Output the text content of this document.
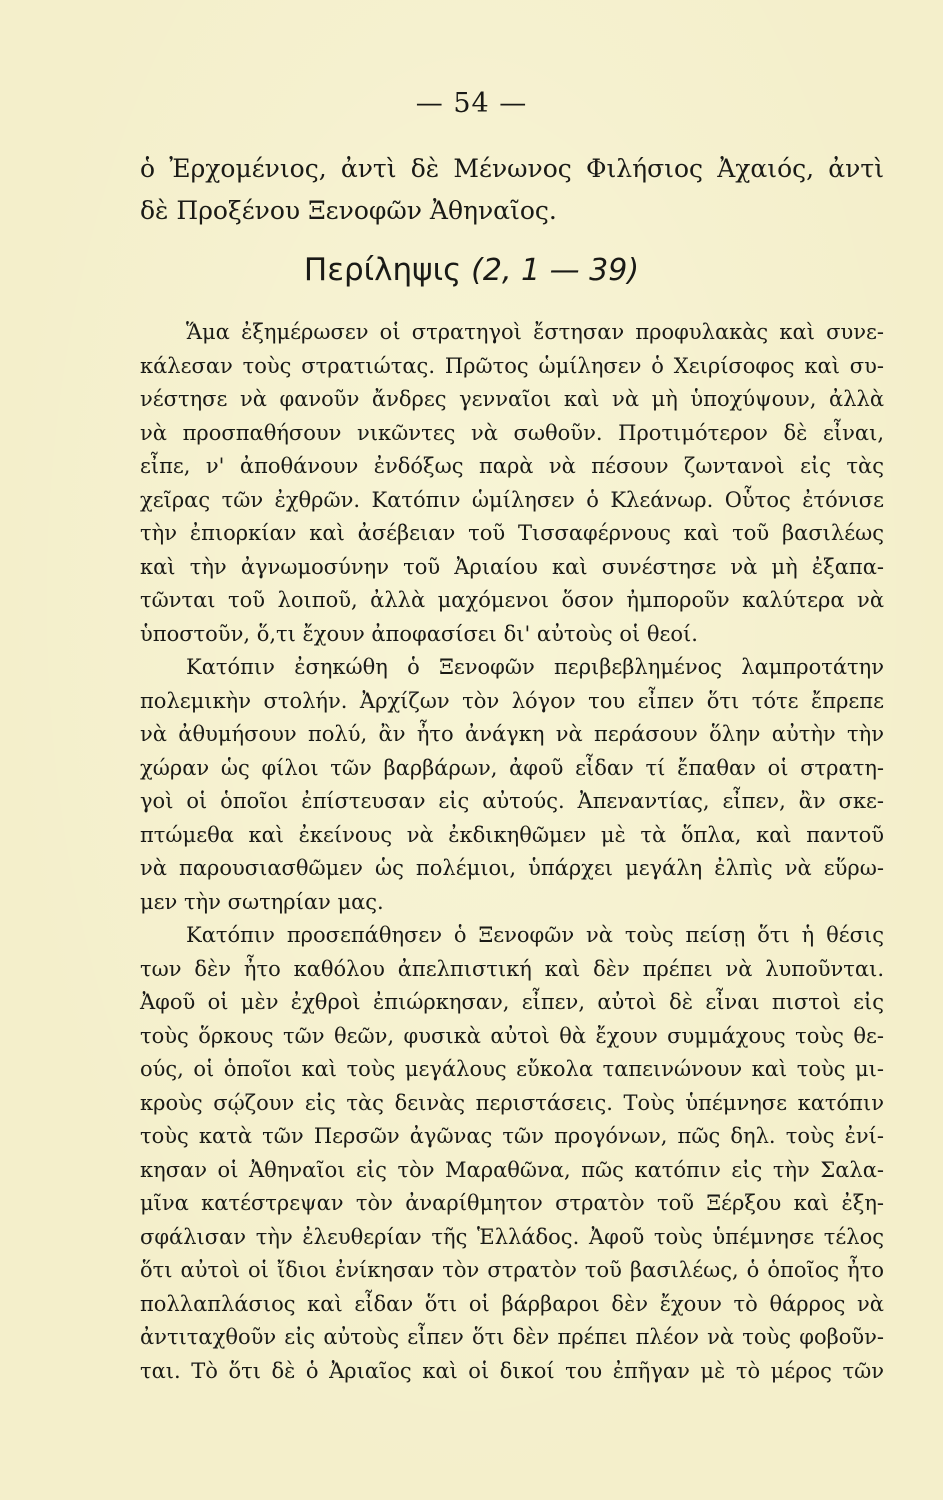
— 54 —
ὁ Ἐρχομένιος, ἀντὶ δὲ Μένωνος Φιλήσιος Ἀχαιός, ἀντὶ
δὲ Προξένου Ξενοφῶν Ἀθηναῖος.
Περίληψις (2, 1 — 39)
Ἅμα ἐξημέρωσεν οἱ στρατηγοὶ ἔστησαν προφυλακὰς καὶ συνε-
κάλεσαν τοὺς στρατιώτας. Πρῶτος ὡμίλησεν ὁ Χειρίσοφος καὶ συ-
νέστησε νὰ φανοῦν ἄνδρες γενναῖοι καὶ νὰ μὴ ὑποχύψουν, ἀλλὰ
νὰ προσπαθήσουν νικῶντες νὰ σωθοῦν. Προτιμότερον δὲ εἶναι,
εἶπε, ν' ἀποθάνουν ἐνδόξως παρὰ νὰ πέσουν ζωντανοὶ εἰς τὰς
χεῖρας τῶν ἐχθρῶν. Κατόπιν ὡμίλησεν ὁ Κλεάνωρ. Οὗτος ἐτόνισε
τὴν ἐπιορκίαν καὶ ἀσέβειαν τοῦ Τισσαφέρνους καὶ τοῦ βασιλέως
καὶ τὴν ἀγνωμοσύνην τοῦ Ἀριαίου καὶ συνέστησε νὰ μὴ ἐξαπα-
τῶνται τοῦ λοιποῦ, ἀλλὰ μαχόμενοι ὅσον ἠμποροῦν καλύτερα νὰ
ὑποστοῦν, ὅ,τι ἔχουν ἀποφασίσει δι' αὐτοὺς οἱ θεοί.
Κατόπιν ἐσηκώθη ὁ Ξενοφῶν περιβεβλημένος λαμπροτάτην
πολεμικὴν στολήν. Ἀρχίζων τὸν λόγον του εἶπεν ὅτι τότε ἔπρεπε
νὰ ἀθυμήσουν πολύ, ἂν ἦτο ἀνάγκη νὰ περάσουν ὅλην αὐτὴν τὴν
χώραν ὡς φίλοι τῶν βαρβάρων, ἀφοῦ εἶδαν τί ἔπαθαν οἱ στρατη-
γοὶ οἱ ὁποῖοι ἐπίστευσαν εἰς αὐτούς. Ἀπεναντίας, εἶπεν, ἂν σκε-
πτώμεθα καὶ ἐκείνους νὰ ἐκδικηθῶμεν μὲ τὰ ὅπλα, καὶ παντοῦ
νὰ παρουσιασθῶμεν ὡς πολέμιοι, ὑπάρχει μεγάλη ἐλπὶς νὰ εὕρω-
μεν τὴν σωτηρίαν μας.
Κατόπιν προσεπάθησεν ὁ Ξενοφῶν νὰ τοὺς πείσῃ ὅτι ἡ θέσις
των δὲν ἦτο καθόλου ἀπελπιστική καὶ δὲν πρέπει νὰ λυποῦνται.
Ἀφοῦ οἱ μὲν ἐχθροὶ ἐπιώρκησαν, εἶπεν, αὐτοὶ δὲ εἶναι πιστοὶ εἰς
τοὺς ὅρκους τῶν θεῶν, φυσικὰ αὐτοὶ θὰ ἔχουν συμμάχους τοὺς θε-
ούς, οἱ ὁποῖοι καὶ τοὺς μεγάλους εὔκολα ταπεινώνουν καὶ τοὺς μι-
κροὺς σῴζουν εἰς τὰς δεινὰς περιστάσεις. Τοὺς ὑπέμνησε κατόπιν
τοὺς κατὰ τῶν Περσῶν ἀγῶνας τῶν προγόνων, πῶς δηλ. τοὺς ἐνί-
κησαν οἱ Ἀθηναῖοι εἰς τὸν Μαραθῶνα, πῶς κατόπιν εἰς τὴν Σαλα-
μῖνα κατέστρεψαν τὸν ἀναρίθμητον στρατὸν τοῦ Ξέρξου καὶ ἐξη-
σφάλισαν τὴν ἐλευθερίαν τῆς Ἑλλάδος. Ἀφοῦ τοὺς ὑπέμνησε τέλος
ὅτι αὐτοὶ οἱ ἴδιοι ἐνίκησαν τὸν στρατὸν τοῦ βασιλέως, ὁ ὁποῖος ἦτο
πολλαπλάσιος καὶ εἶδαν ὅτι οἱ βάρβαροι δὲν ἔχουν τὸ θάρρος νὰ
ἀντιταχθοῦν εἰς αὐτοὺς εἶπεν ὅτι δὲν πρέπει πλέον νὰ τοὺς φοβοῦν-
ται. Τὸ ὅτι δὲ ὁ Ἀριαῖος καὶ οἱ δικοί του ἐπῆγαν μὲ τὸ μέρος τῶν
